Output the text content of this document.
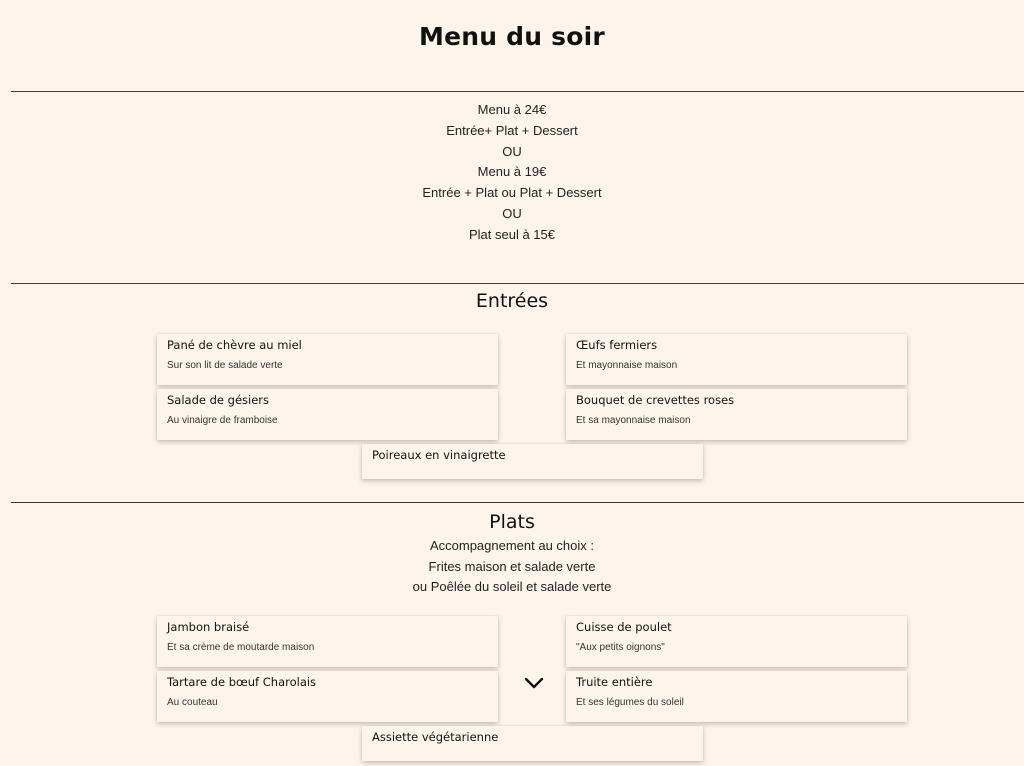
Menu du soir
Menu à 24€
Entrée+ Plat + Dessert
OU
Menu à 19€
Entrée + Plat ou Plat + Dessert
OU
Plat seul à 15€
Entrées
Pané de chèvre au miel
Sur son lit de salade verte
Œufs fermiers
Et mayonnaise maison
Salade de gésiers
Au vinaigre de framboise
Bouquet de crevettes roses
Et sa mayonnaise maison
Poireaux en vinaigrette
Plats
Accompagnement au choix :
Frites maison et salade verte
ou Poêlée du soleil et salade verte
Jambon braisé
Et sa crème de moutarde maison
Cuisse de poulet
"Aux petits oignons"
Tartare de bœuf Charolais
Au couteau
Truite entière
Et ses légumes du soleil
Assiette végétarienne
